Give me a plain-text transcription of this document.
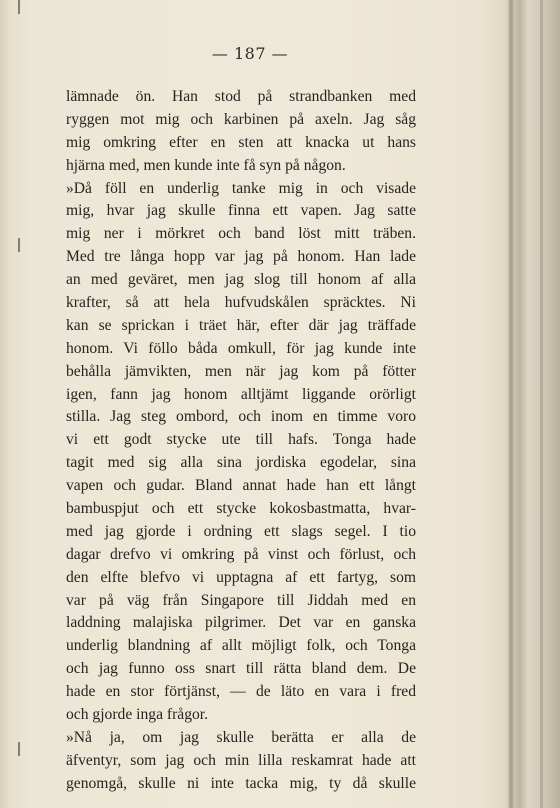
— 187 —
lämnade ön. Han stod på strandbanken med
ryggen mot mig och karbinen på axeln. Jag såg
mig omkring efter en sten att knacka ut hans
hjärna med, men kunde inte få syn på någon.
»Då föll en underlig tanke mig in och visade
mig, hvar jag skulle finna ett vapen. Jag satte
mig ner i mörkret och band löst mitt träben.
Med tre långa hopp var jag på honom. Han lade
an med geväret, men jag slog till honom af alla
krafter, så att hela hufvudskålen spräcktes. Ni
kan se sprickan i träet här, efter där jag träffade
honom. Vi föllo båda omkull, för jag kunde inte
behålla jämvikten, men när jag kom på fötter
igen, fann jag honom alltjämt liggande orörligt
stilla. Jag steg ombord, och inom en timme voro
vi ett godt stycke ute till hafs. Tonga hade
tagit med sig alla sina jordiska egodelar, sina
vapen och gudar. Bland annat hade han ett långt
bambuspjut och ett stycke kokosbastmatta, hvar-
med jag gjorde i ordning ett slags segel. I tio
dagar drefvo vi omkring på vinst och förlust, och
den elfte blefvo vi upptagna af ett fartyg, som
var på väg från Singapore till Jiddah med en
laddning malajiska pilgrimer. Det var en ganska
underlig blandning af allt möjligt folk, och Tonga
och jag funno oss snart till rätta bland dem. De
hade en stor förtjänst, — de läto en vara i fred
och gjorde inga frågor.
»Nå ja, om jag skulle berätta er alla de
äfventyr, som jag och min lilla reskamrat hade att
genomgå, skulle ni inte tacka mig, ty då skulle
